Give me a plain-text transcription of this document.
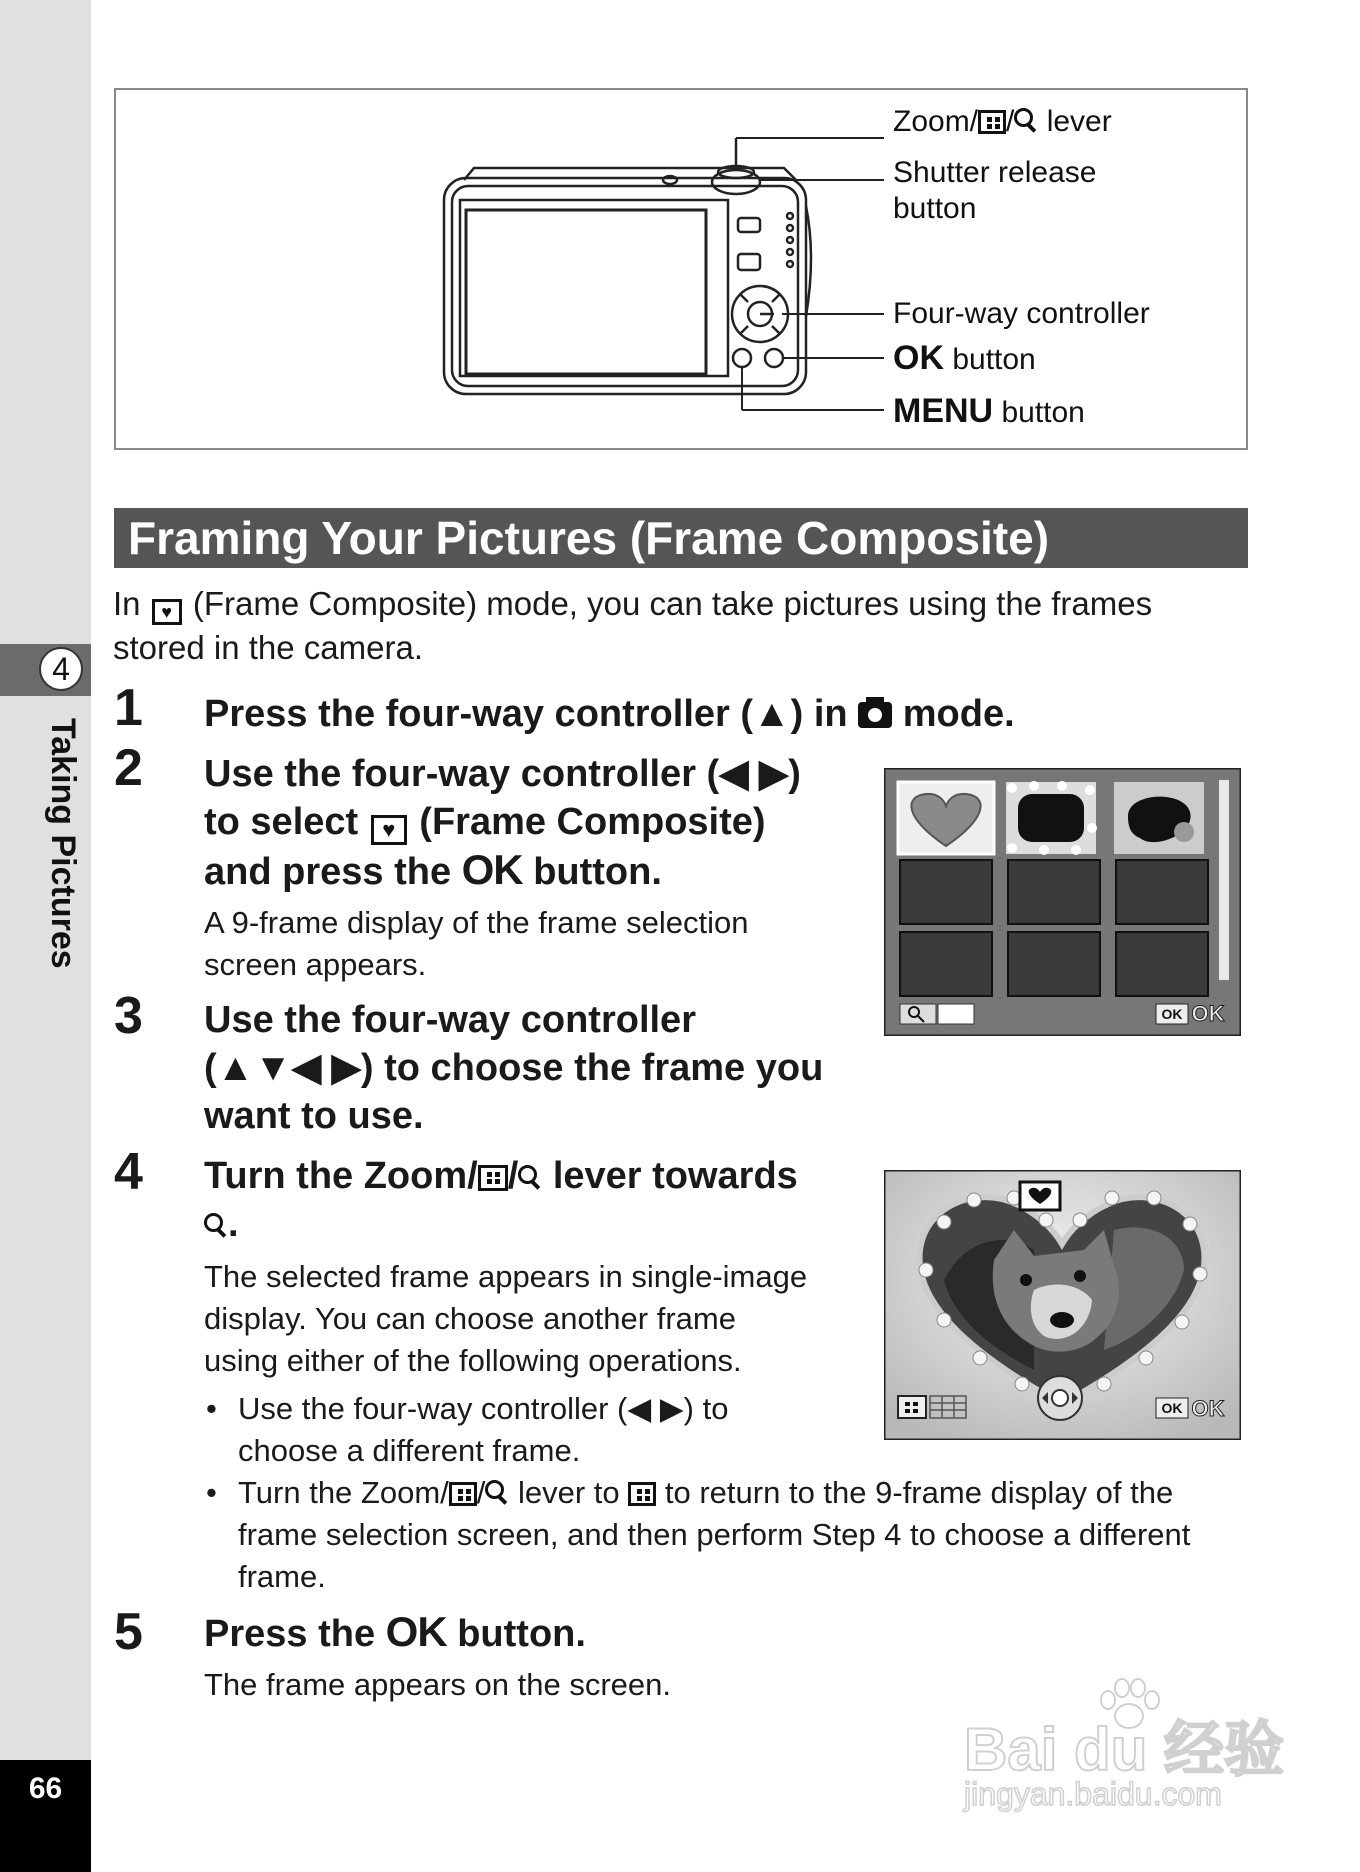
4
Taking Pictures
66
Zoom/ / lever
Shutter release
button
Four-way controller
OK button
MENU button
Framing Your Pictures (Frame Composite)
In ♥ (Frame Composite) mode, you can take pictures using the frames
stored in the camera.
1 Press the four-way controller (▲) in  mode.
2 Use the four-way controller (◀ ▶)
to select ♥ (Frame Composite)
and press the OK button.
A 9-frame display of the frame selection
screen appears.
OK OK
3 Use the four-way controller
(▲▼◀ ▶) to choose the frame you
want to use.
4 Turn the Zoom/ / lever towards
.
The selected frame appears in single-image
display. You can choose another frame
using either of the following operations.
• Use the four-way controller (◀ ▶) to
choose a different frame.
• Turn the Zoom/ / lever to  to return to the 9-frame display of the
frame selection screen, and then perform Step 4 to choose a different
frame.
OK OK
5 Press the OK button.
The frame appears on the screen.
Bai du 经验
jingyan.baidu.com
